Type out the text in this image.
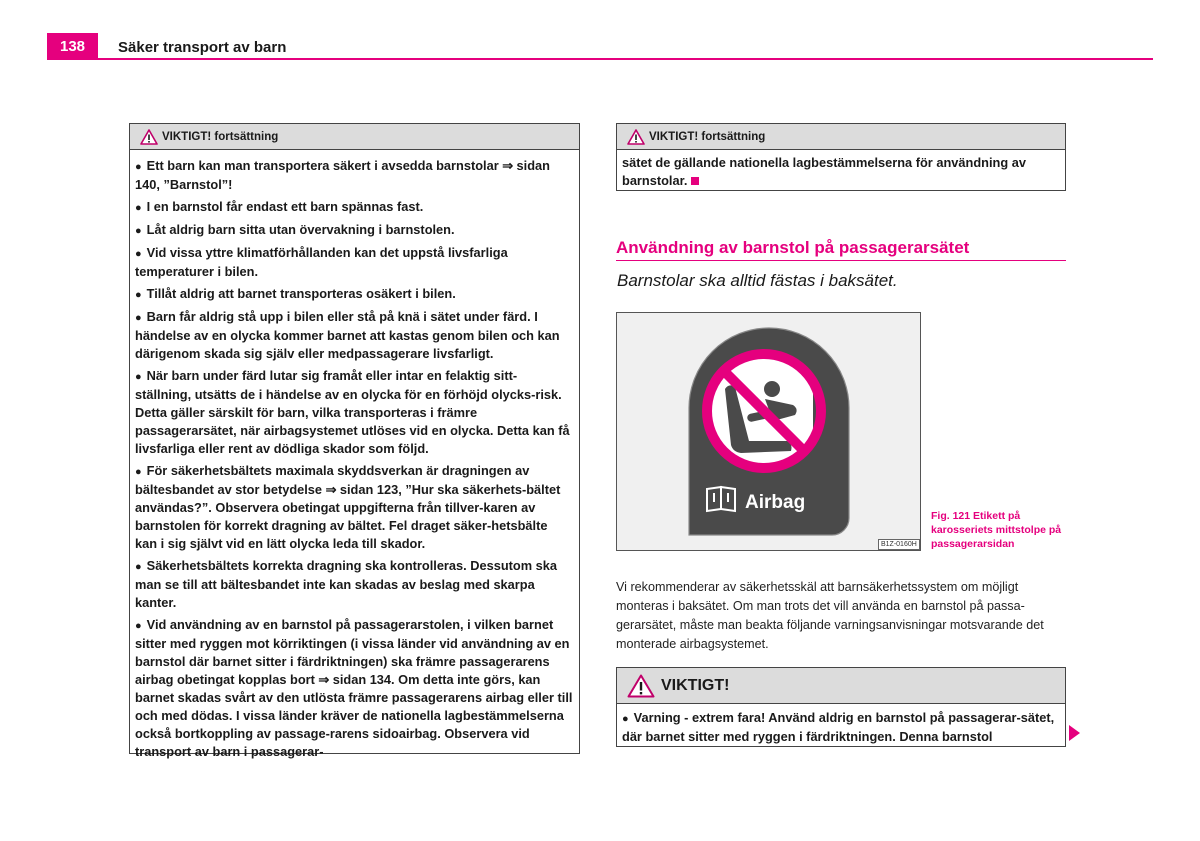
138	Säker transport av barn
VIKTIGT! fortsättning

● Ett barn kan man transportera säkert i avsedda barnstolar ⇒ sidan 140, ”Barnstol”!

● I en barnstol får endast ett barn spännas fast.

● Låt aldrig barn sitta utan övervakning i barnstolen.

● Vid vissa yttre klimatförhållanden kan det uppstå livsfarliga temperaturer i bilen.

● Tillåt aldrig att barnet transporteras osäkert i bilen.

● Barn får aldrig stå upp i bilen eller stå på knä i sätet under färd. I händelse av en olycka kommer barnet att kastas genom bilen och kan därigenom skada sig själv eller medpassagerare livsfarligt.

● När barn under färd lutar sig framåt eller intar en felaktig sitt-ställning, utsätts de i händelse av en olycka för en förhöjd olycks-risk. Detta gäller särskilt för barn, vilka transporteras i främre passagerarsätet, när airbagsystemet utlöses vid en olycka. Detta kan få livsfarliga eller rent av dödliga skador som följd.

● För säkerhetsbältets maximala skyddsverkan är dragningen av bältesbandet av stor betydelse ⇒ sidan 123, ”Hur ska säkerhets-bältet användas?”. Observera obetingat uppgifterna från tillver-karen av barnstolen för korrekt dragning av bältet. Fel draget säker-hetsbälte kan i sig självt vid en lätt olycka leda till skador.

● Säkerhetsbältets korrekta dragning ska kontrolleras. Dessutom ska man se till att bältesbandet inte kan skadas av beslag med skarpa kanter.

● Vid användning av en barnstol på passagerarstolen, i vilken barnet sitter med ryggen mot körriktingen (i vissa länder vid användning av en barnstol där barnet sitter i färdriktningen) ska främre passagerarens airbag obetingat kopplas bort ⇒ sidan 134. Om detta inte görs, kan barnet skadas svårt av den utlösta främre passagerarens airbag eller till och med dödas. I vissa länder kräver de nationella lagbestämmelserna också bortkoppling av passage-rarens sidoairbag. Observera vid transport av barn i passagerar-

VIKTIGT! fortsättning

sätet de gällande nationella lagbestämmelserna för användning av barnstolar.

Användning av barnstol på passagerarsätet
Barnstolar ska alltid fästas i baksätet.
Airbag
B1Z-0160H
Fig. 121 Etikett på karosseriets mittstolpe på passagerarsidan
Vi rekommenderar av säkerhetsskäl att barnsäkerhetssystem om möjligt monteras i baksätet. Om man trots det vill använda en barnstol på passa-gerarsätet, måste man beakta följande varningsanvisningar motsvarande det monterade airbagsystemet.
VIKTIGT!

● Varning - extrem fara! Använd aldrig en barnstol på passagerar-sätet, där barnet sitter med ryggen i färdriktningen. Denna barnstol
